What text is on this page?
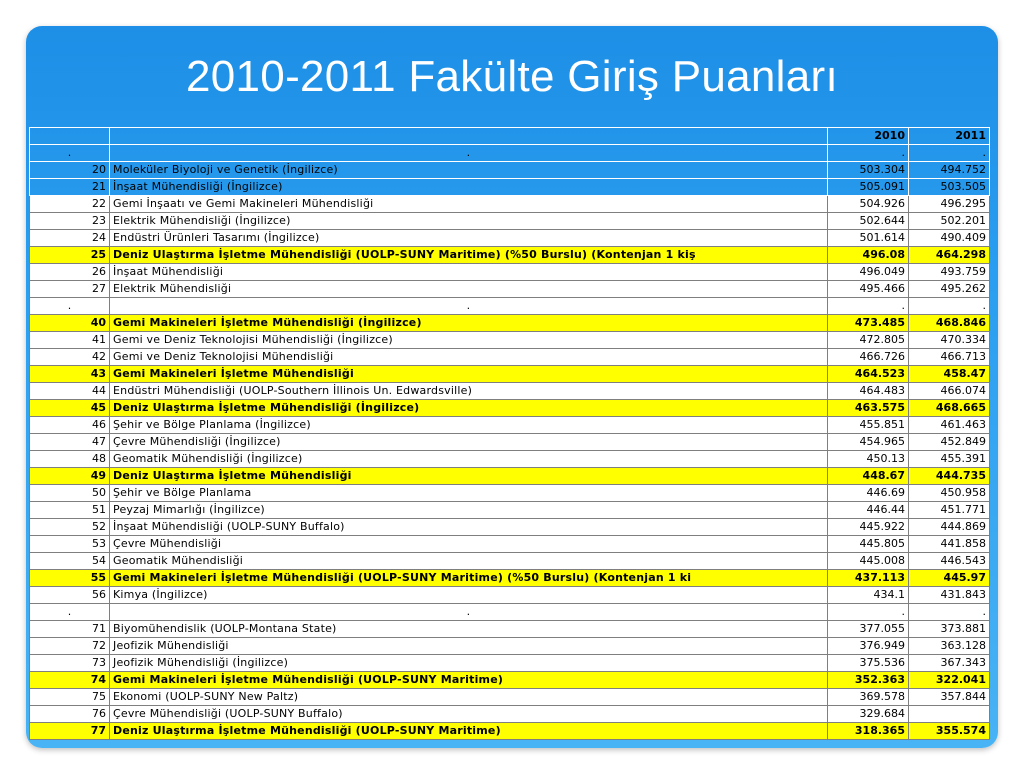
2010-2011 Fakülte Giriş Puanları
		2010	2011
.	.	.	.
20	Moleküler Biyoloji ve Genetik (İngilizce)	503.304	494.752
21	İnşaat Mühendisliği (İngilizce)	505.091	503.505
22	Gemi İnşaatı ve Gemi Makineleri Mühendisliği	504.926	496.295
23	Elektrik Mühendisliği (İngilizce)	502.644	502.201
24	Endüstri Ürünleri Tasarımı (İngilizce)	501.614	490.409
25	Deniz Ulaştırma İşletme Mühendisliği (UOLP-SUNY Maritime) (%50 Burslu) (Kontenjan 1 kiş	496.08	464.298
26	İnşaat Mühendisliği	496.049	493.759
27	Elektrik Mühendisliği	495.466	495.262
.	.	.	.
40	Gemi Makineleri İşletme Mühendisliği (İngilizce)	473.485	468.846
41	Gemi ve Deniz Teknolojisi Mühendisliği (İngilizce)	472.805	470.334
42	Gemi ve Deniz Teknolojisi Mühendisliği	466.726	466.713
43	Gemi Makineleri İşletme Mühendisliği	464.523	458.47
44	Endüstri Mühendisliği (UOLP-Southern İllinois Un. Edwardsville)	464.483	466.074
45	Deniz Ulaştırma İşletme Mühendisliği (İngilizce)	463.575	468.665
46	Şehir ve Bölge Planlama (İngilizce)	455.851	461.463
47	Çevre Mühendisliği (İngilizce)	454.965	452.849
48	Geomatik Mühendisliği (İngilizce)	450.13	455.391
49	Deniz Ulaştırma İşletme Mühendisliği	448.67	444.735
50	Şehir ve Bölge Planlama	446.69	450.958
51	Peyzaj Mimarlığı (İngilizce)	446.44	451.771
52	İnşaat Mühendisliği (UOLP-SUNY Buffalo)	445.922	444.869
53	Çevre Mühendisliği	445.805	441.858
54	Geomatik Mühendisliği	445.008	446.543
55	Gemi Makineleri İşletme Mühendisliği (UOLP-SUNY Maritime) (%50 Burslu) (Kontenjan 1 ki	437.113	445.97
56	Kimya (İngilizce)	434.1	431.843
.	.	.	.
71	Biyomühendislik (UOLP-Montana State)	377.055	373.881
72	Jeofizik Mühendisliği	376.949	363.128
73	Jeofizik Mühendisliği (İngilizce)	375.536	367.343
74	Gemi Makineleri İşletme Mühendisliği (UOLP-SUNY Maritime)	352.363	322.041
75	Ekonomi (UOLP-SUNY New Paltz)	369.578	357.844
76	Çevre Mühendisliği (UOLP-SUNY Buffalo)	329.684	
77	Deniz Ulaştırma İşletme Mühendisliği (UOLP-SUNY Maritime)	318.365	355.574
